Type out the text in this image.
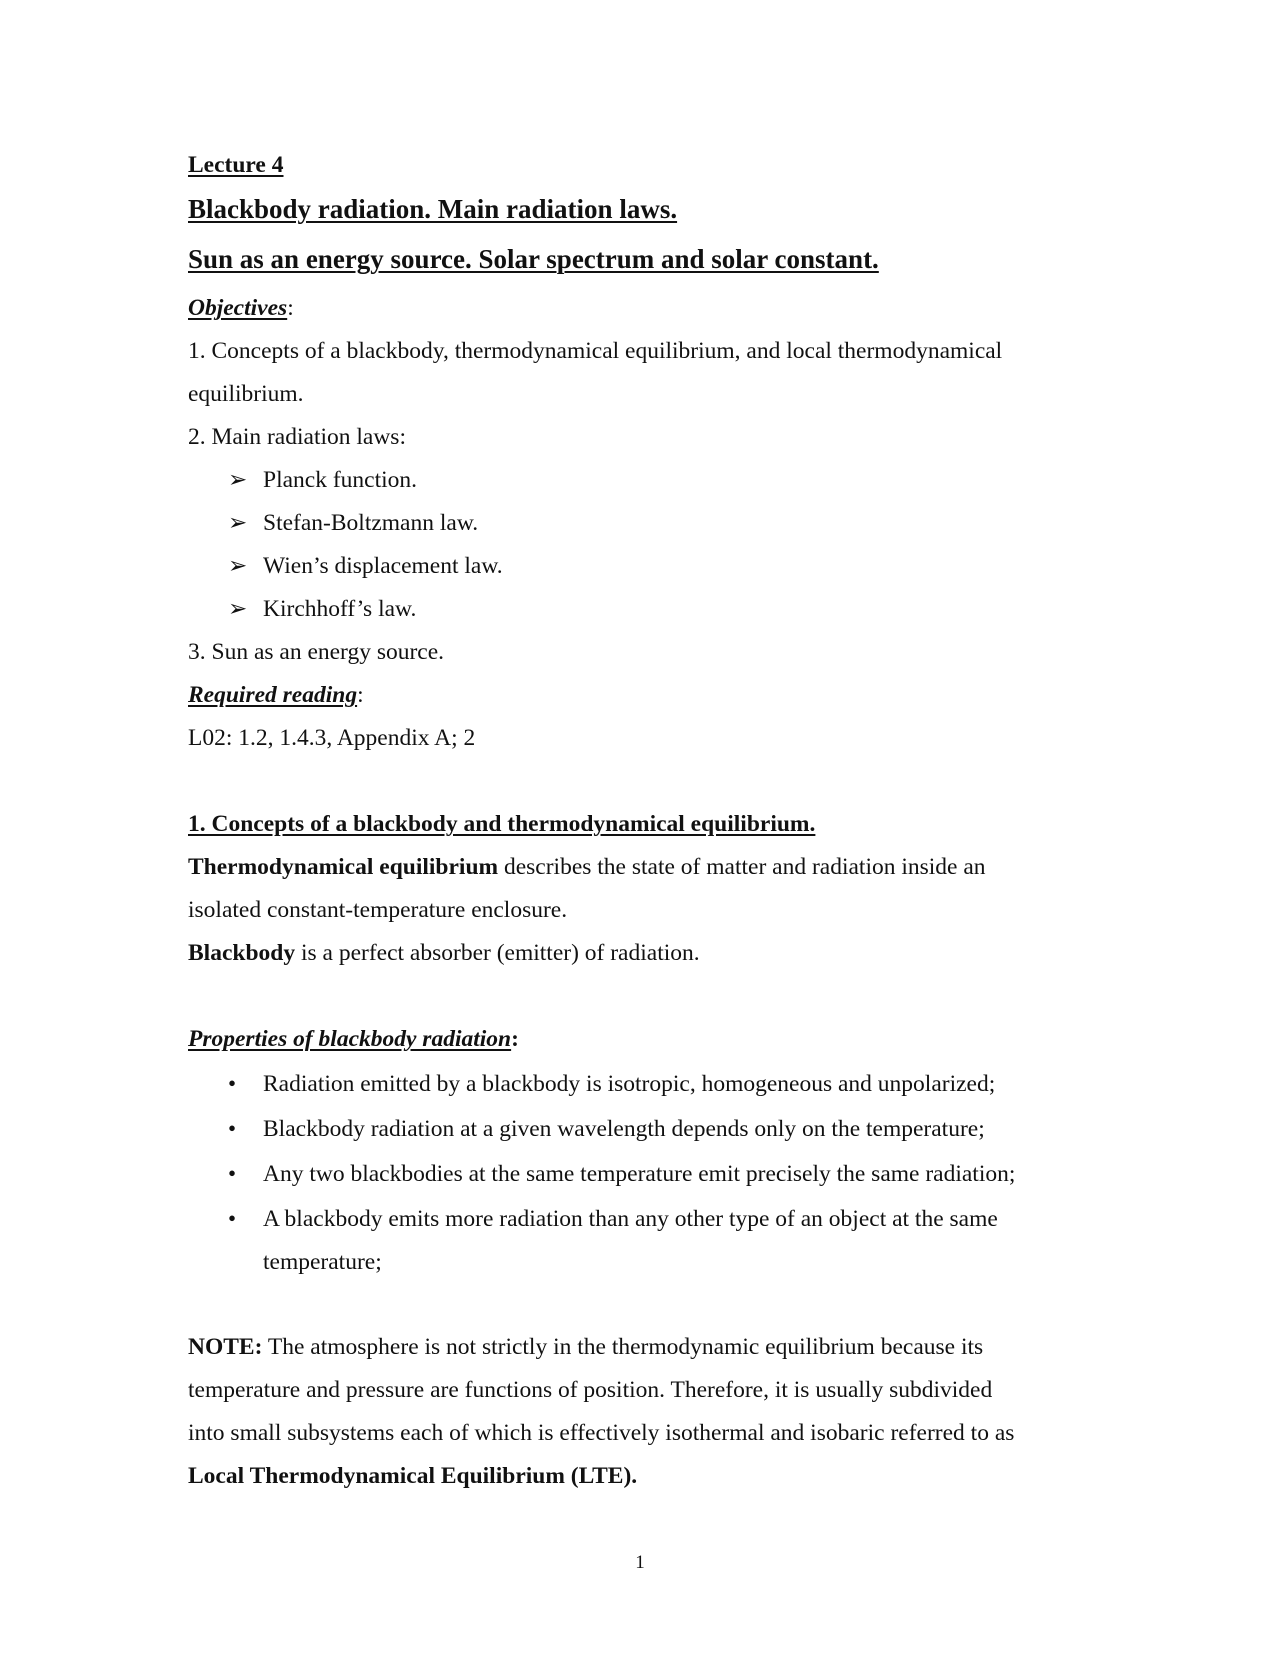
Lecture 4

Blackbody radiation. Main radiation laws.

Sun as an energy source. Solar spectrum and solar constant.

Objectives:

1. Concepts of a blackbody, thermodynamical equilibrium, and local thermodynamical

equilibrium.

2. Main radiation laws:

➢ Planck function.
➢ Stefan-Boltzmann law.
➢ Wien’s displacement law.
➢ Kirchhoff’s law.

3. Sun as an energy source.

Required reading:

L02: 1.2, 1.4.3, Appendix A; 2

1. Concepts of a blackbody and thermodynamical equilibrium.

Thermodynamical equilibrium describes the state of matter and radiation inside an

isolated constant-temperature enclosure.

Blackbody is a perfect absorber (emitter) of radiation.

Properties of blackbody radiation:

• Radiation emitted by a blackbody is isotropic, homogeneous and unpolarized;
• Blackbody radiation at a given wavelength depends only on the temperature;
• Any two blackbodies at the same temperature emit precisely the same radiation;
• A blackbody emits more radiation than any other type of an object at the same
temperature;

NOTE: The atmosphere is not strictly in the thermodynamic equilibrium because its

temperature and pressure are functions of position. Therefore, it is usually subdivided

into small subsystems each of which is effectively isothermal and isobaric referred to as

Local Thermodynamical Equilibrium (LTE).

1
